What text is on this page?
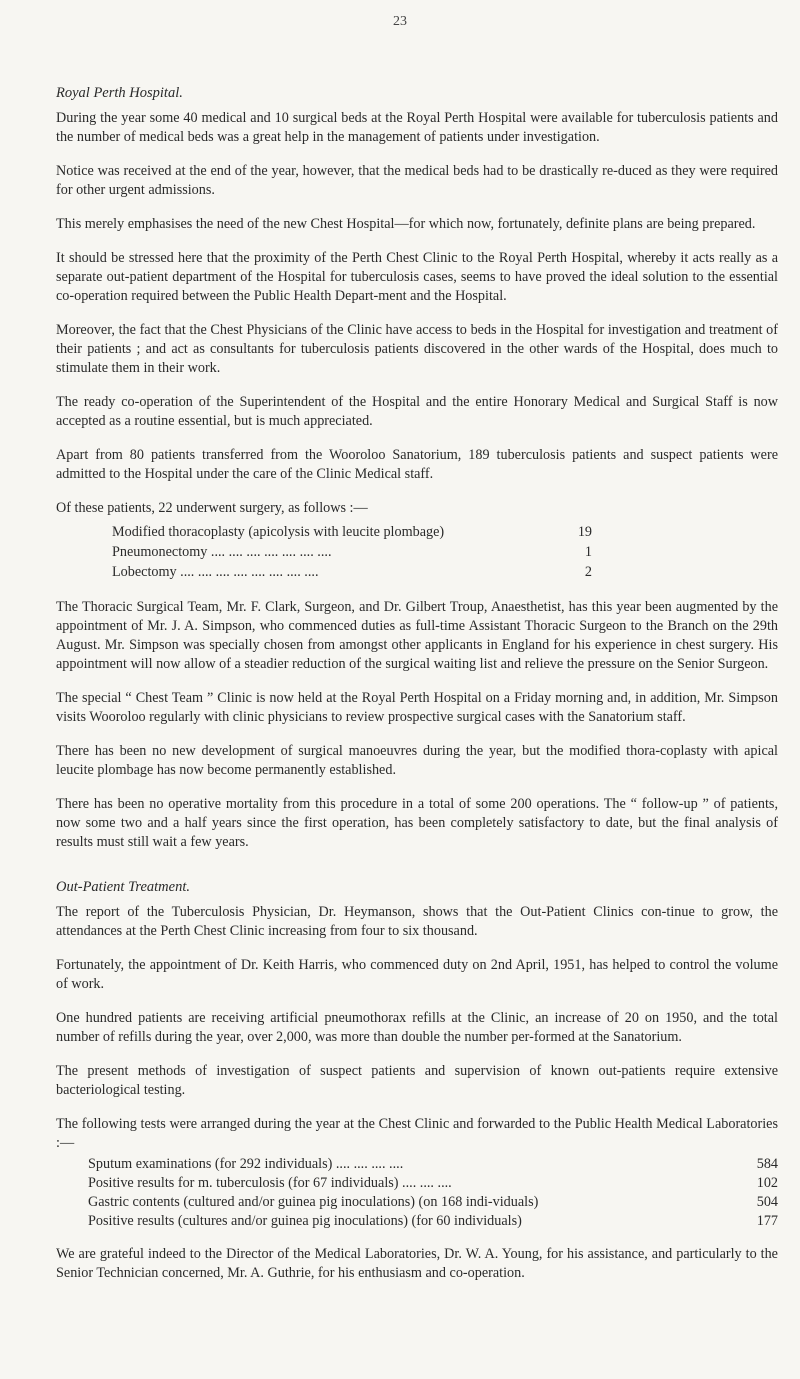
23
Royal Perth Hospital.

During the year some 40 medical and 10 surgical beds at the Royal Perth Hospital were available for tuberculosis patients and the number of medical beds was a great help in the management of patients under investigation.

Notice was received at the end of the year, however, that the medical beds had to be drastically re-duced as they were required for other urgent admissions.

This merely emphasises the need of the new Chest Hospital—for which now, fortunately, definite plans are being prepared.

It should be stressed here that the proximity of the Perth Chest Clinic to the Royal Perth Hospital, whereby it acts really as a separate out-patient department of the Hospital for tuberculosis cases, seems to have proved the ideal solution to the essential co-operation required between the Public Health Depart-ment and the Hospital.

Moreover, the fact that the Chest Physicians of the Clinic have access to beds in the Hospital for investigation and treatment of their patients ; and act as consultants for tuberculosis patients discovered in the other wards of the Hospital, does much to stimulate them in their work.

The ready co-operation of the Superintendent of the Hospital and the entire Honorary Medical and Surgical Staff is now accepted as a routine essential, but is much appreciated.

Apart from 80 patients transferred from the Wooroloo Sanatorium, 189 tuberculosis patients and suspect patients were admitted to the Hospital under the care of the Clinic Medical staff.

Of these patients, 22 underwent surgery, as follows :—

Modified thoracoplasty (apicolysis with leucite plombage)	19
Pneumonectomy .... .... .... .... .... .... ....	1
Lobectomy .... .... .... .... .... .... .... ....	2

The Thoracic Surgical Team, Mr. F. Clark, Surgeon, and Dr. Gilbert Troup, Anaesthetist, has this year been augmented by the appointment of Mr. J. A. Simpson, who commenced duties as full-time Assistant Thoracic Surgeon to the Branch on the 29th August. Mr. Simpson was specially chosen from amongst other applicants in England for his experience in chest surgery. His appointment will now allow of a steadier reduction of the surgical waiting list and relieve the pressure on the Senior Surgeon.

The special “ Chest Team ” Clinic is now held at the Royal Perth Hospital on a Friday morning and, in addition, Mr. Simpson visits Wooroloo regularly with clinic physicians to review prospective surgical cases with the Sanatorium staff.

There has been no new development of surgical manoeuvres during the year, but the modified thora-coplasty with apical leucite plombage has now become permanently established.

There has been no operative mortality from this procedure in a total of some 200 operations. The “ follow-up ” of patients, now some two and a half years since the first operation, has been completely satisfactory to date, but the final analysis of results must still wait a few years.

Out-Patient Treatment.

The report of the Tuberculosis Physician, Dr. Heymanson, shows that the Out-Patient Clinics con-tinue to grow, the attendances at the Perth Chest Clinic increasing from four to six thousand.

Fortunately, the appointment of Dr. Keith Harris, who commenced duty on 2nd April, 1951, has helped to control the volume of work.

One hundred patients are receiving artificial pneumothorax refills at the Clinic, an increase of 20 on 1950, and the total number of refills during the year, over 2,000, was more than double the number per-formed at the Sanatorium.

The present methods of investigation of suspect patients and supervision of known out-patients require extensive bacteriological testing.

The following tests were arranged during the year at the Chest Clinic and forwarded to the Public Health Medical Laboratories :—

Sputum examinations (for 292 individuals) .... .... .... ....	584
Positive results for m. tuberculosis (for 67 individuals) .... .... ....	102
Gastric contents (cultured and/or guinea pig inoculations) (on 168 indi-viduals)	504
Positive results (cultures and/or guinea pig inoculations) (for 60 individuals)	177

We are grateful indeed to the Director of the Medical Laboratories, Dr. W. A. Young, for his assistance, and particularly to the Senior Technician concerned, Mr. A. Guthrie, for his enthusiasm and co-operation.
